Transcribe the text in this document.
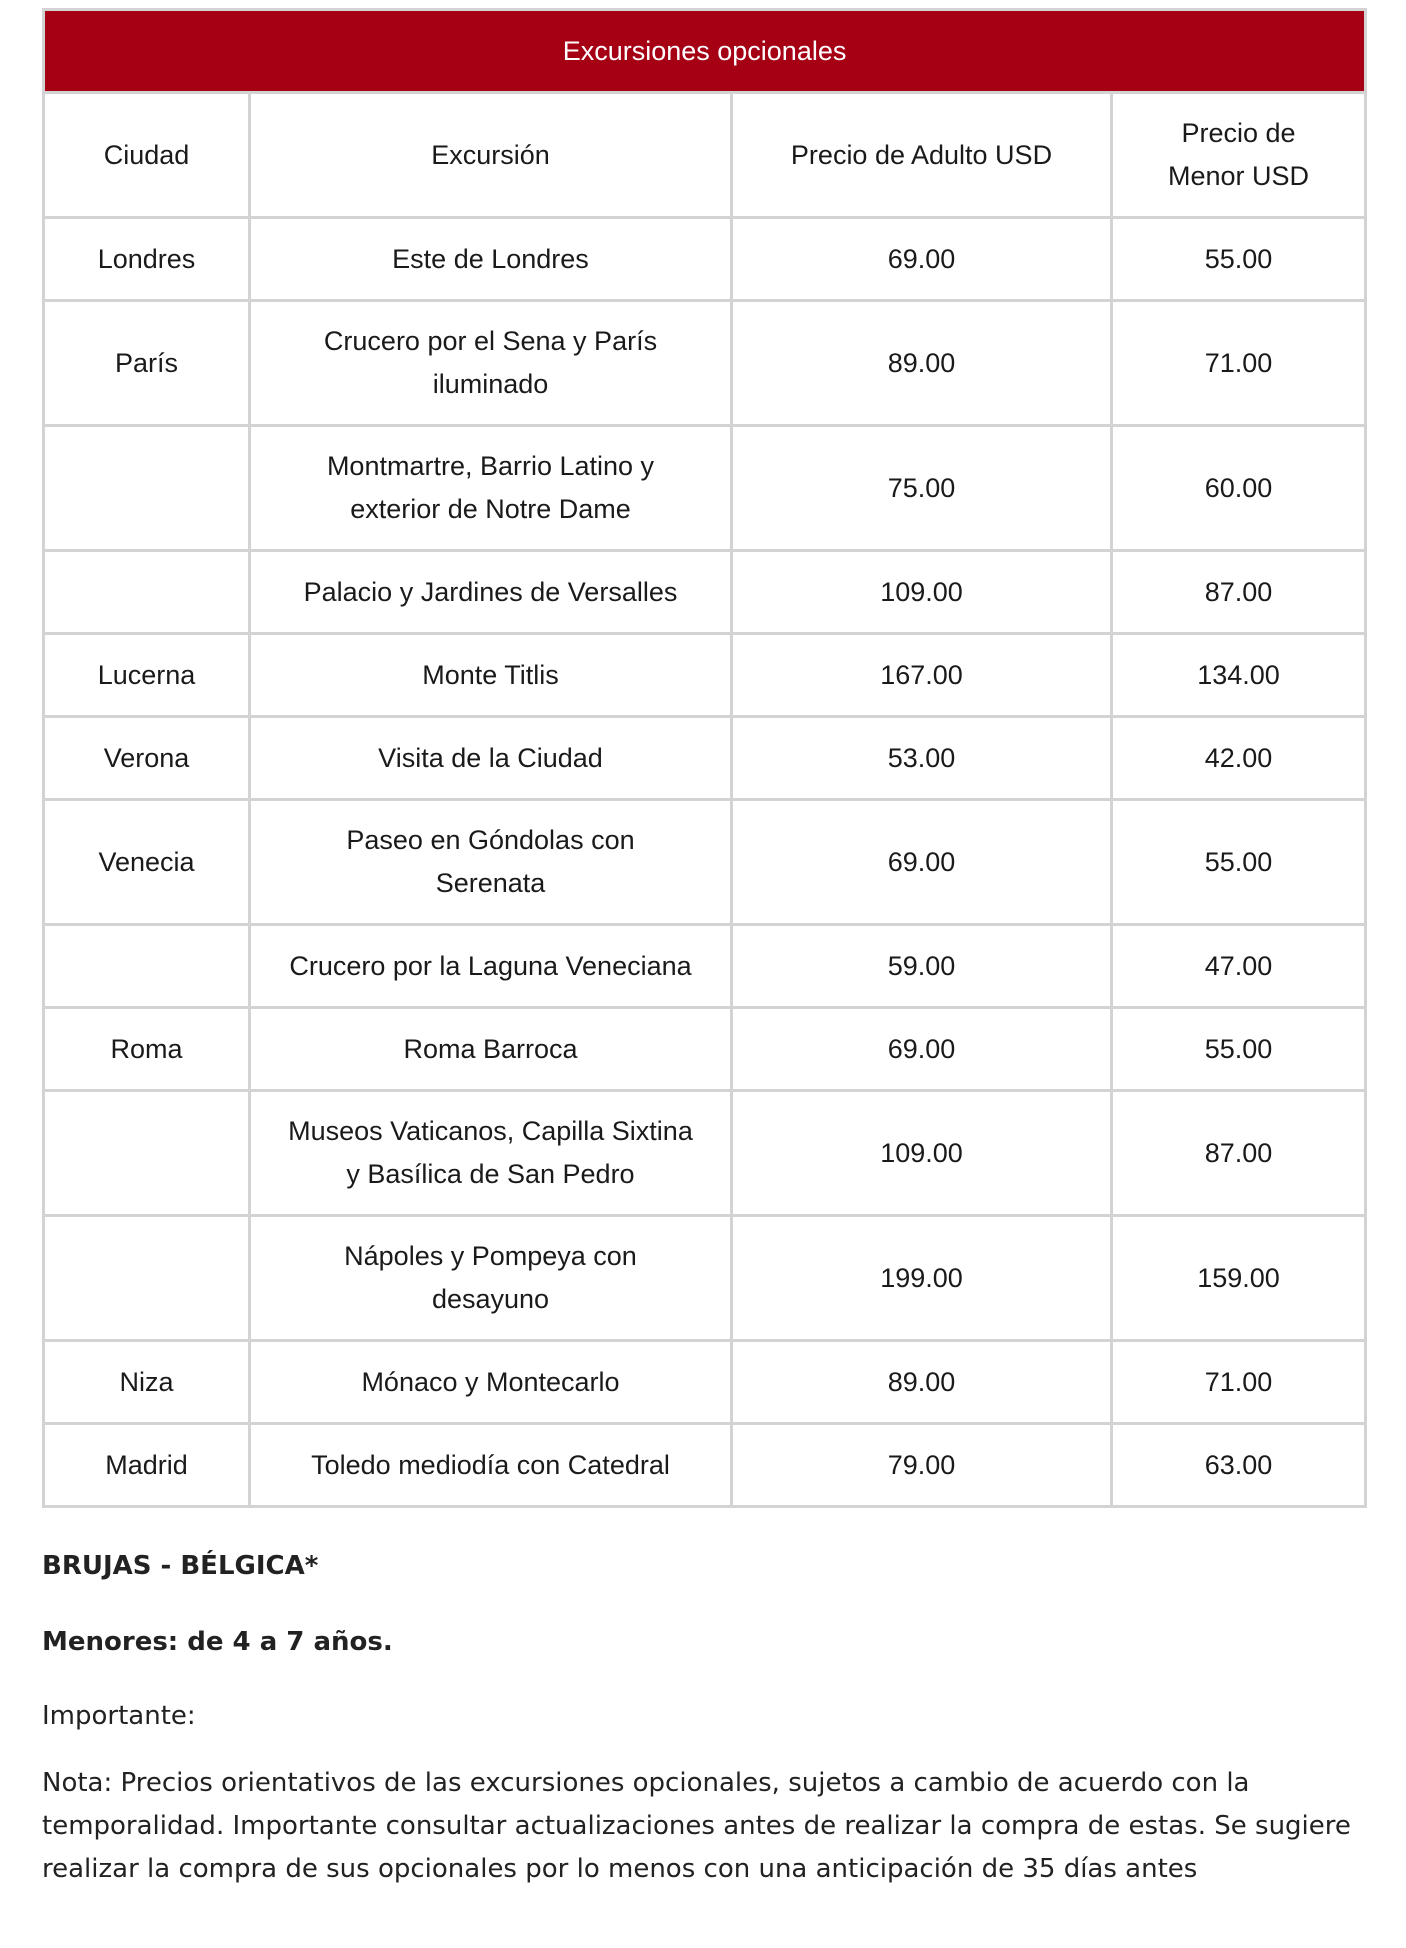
Excursiones opcionales			
Ciudad	Excursión	Precio de Adulto USD	Precio de Menor USD
Londres	Este de Londres	69.00	55.00
París	Crucero por el Sena y París iluminado	89.00	71.00
	Montmartre, Barrio Latino y exterior de Notre Dame	75.00	60.00
	Palacio y Jardines de Versalles	109.00	87.00
Lucerna	Monte Titlis	167.00	134.00
Verona	Visita de la Ciudad	53.00	42.00
Venecia	Paseo en Góndolas con Serenata	69.00	55.00
	Crucero por la Laguna Veneciana	59.00	47.00
Roma	Roma Barroca	69.00	55.00
	Museos Vaticanos, Capilla Sixtina y Basílica de San Pedro	109.00	87.00
	Nápoles y Pompeya con desayuno	199.00	159.00
Niza	Mónaco y Montecarlo	89.00	71.00
Madrid	Toledo mediodía con Catedral	79.00	63.00

BRUJAS - BÉLGICA*

Menores: de 4 a 7 años.

Importante:

Nota: Precios orientativos de las excursiones opcionales, sujetos a cambio de acuerdo con la temporalidad. Importante consultar actualizaciones antes de realizar la compra de estas. Se sugiere realizar la compra de sus opcionales por lo menos con una anticipación de 35 días antes
